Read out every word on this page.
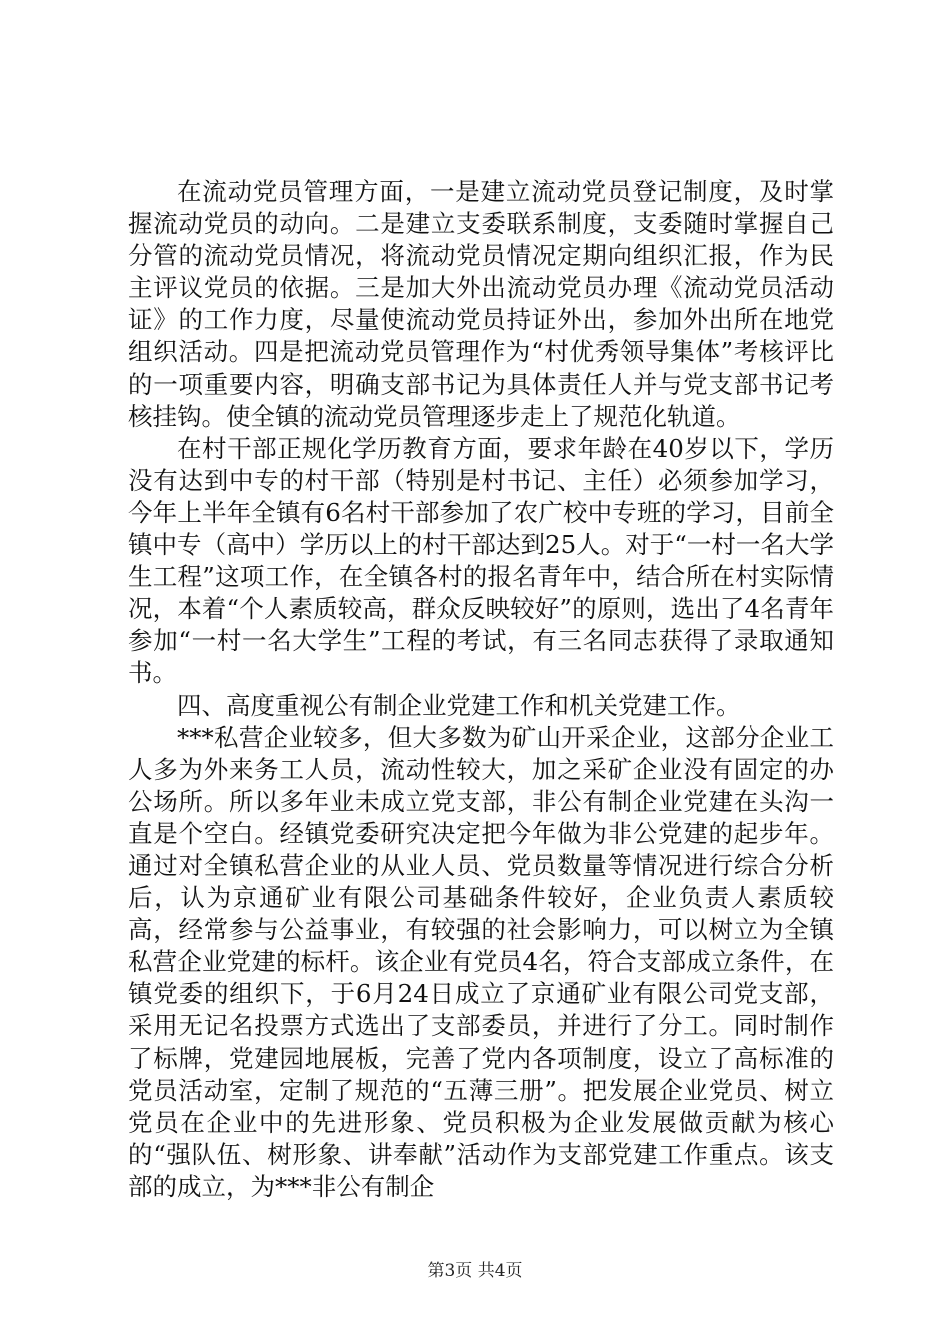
在流动党员管理方面，一是建立流动党员登记制度，及时掌握流动党员的动向。二是建立支委联系制度，支委随时掌握自己分管的流动党员情况，将流动党员情况定期向组织汇报，作为民主评议党员的依据。三是加大外出流动党员办理《流动党员活动证》的工作力度，尽量使流动党员持证外出，参加外出所在地党组织活动。四是把流动党员管理作为“村优秀领导集体”考核评比的一项重要内容，明确支部书记为具体责任人并与党支部书记考核挂钩。使全镇的流动党员管理逐步走上了规范化轨道。

在村干部正规化学历教育方面，要求年龄在40岁以下，学历没有达到中专的村干部（特别是村书记、主任）必须参加学习，今年上半年全镇有6名村干部参加了农广校中专班的学习，目前全镇中专（高中）学历以上的村干部达到25人。对于“一村一名大学生工程”这项工作，在全镇各村的报名青年中，结合所在村实际情况，本着“个人素质较高，群众反映较好”的原则，选出了4名青年参加“一村一名大学生”工程的考试，有三名同志获得了录取通知书。

四、高度重视公有制企业党建工作和机关党建工作。

***私营企业较多，但大多数为矿山开采企业，这部分企业工人多为外来务工人员，流动性较大，加之采矿企业没有固定的办公场所。所以多年业未成立党支部，非公有制企业党建在头沟一直是个空白。经镇党委研究决定把今年做为非公党建的起步年。通过对全镇私营企业的从业人员、党员数量等情况进行综合分析后，认为京通矿业有限公司基础条件较好，企业负责人素质较高，经常参与公益事业，有较强的社会影响力，可以树立为全镇私营企业党建的标杆。该企业有党员4名，符合支部成立条件，在镇党委的组织下，于6月24日成立了京通矿业有限公司党支部，采用无记名投票方式选出了支部委员，并进行了分工。同时制作了标牌，党建园地展板，完善了党内各项制度，设立了高标准的党员活动室，定制了规范的“五薄三册”。把发展企业党员、树立党员在企业中的先进形象、党员积极为企业发展做贡献为核心的“强队伍、树形象、讲奉献”活动作为支部党建工作重点。该支部的成立，为***非公有制企

第3页 共4页
